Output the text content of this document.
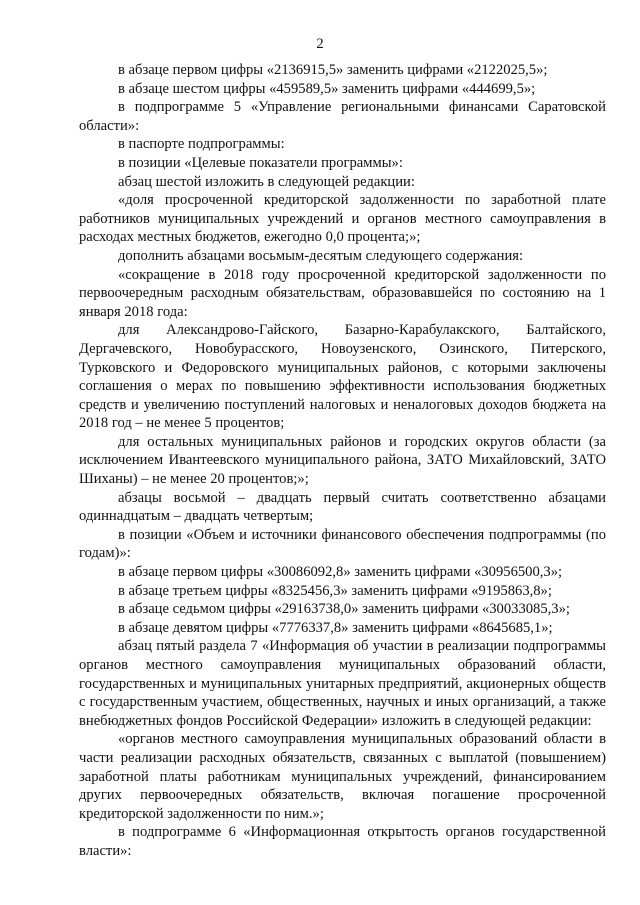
2

в абзаце первом цифры «2136915,5» заменить цифрами «2122025,5»;

в абзаце шестом цифры «459589,5» заменить цифрами «444699,5»;

в подпрограмме 5 «Управление региональными финансами Саратовской области»:

в паспорте подпрограммы:

в позиции «Целевые показатели программы»:

абзац шестой изложить в следующей редакции:

«доля просроченной кредиторской задолженности по заработной плате работников муниципальных учреждений и органов местного самоуправления в расходах местных бюджетов, ежегодно 0,0 процента;»;

дополнить абзацами восьмым-десятым следующего содержания:

«сокращение в 2018 году просроченной кредиторской задолженности по первоочередным расходным обязательствам, образовавшейся по состоянию на 1 января 2018 года:

для Александрово-Гайского, Базарно-Карабулакского, Балтайского, Дергачевского, Новобурасского, Новоузенского, Озинского, Питерского, Турковского и Федоровского муниципальных районов, с которыми заключены соглашения о мерах по повышению эффективности использования бюджетных средств и увеличению поступлений налоговых и неналоговых доходов бюджета на 2018 год – не менее 5 процентов;

для остальных муниципальных районов и городских округов области (за исключением Ивантеевского муниципального района, ЗАТО Михайловский, ЗАТО Шиханы) – не менее 20 процентов;»;

абзацы восьмой – двадцать первый считать соответственно абзацами одиннадцатым – двадцать четвертым;

в позиции «Объем и источники финансового обеспечения подпрограммы (по годам)»:

в абзаце первом цифры «30086092,8» заменить цифрами «30956500,3»;

в абзаце третьем цифры «8325456,3» заменить цифрами «9195863,8»;

в абзаце седьмом цифры «29163738,0» заменить цифрами «30033085,3»;

в абзаце девятом цифры «7776337,8» заменить цифрами «8645685,1»;

абзац пятый раздела 7 «Информация об участии в реализации подпрограммы органов местного самоуправления муниципальных образований области, государственных и муниципальных унитарных предприятий, акционерных обществ с государственным участием, общественных, научных и иных организаций, а также внебюджетных фондов Российской Федерации» изложить в следующей редакции:

«органов местного самоуправления муниципальных образований области в части реализации расходных обязательств, связанных с выплатой (повышением) заработной платы работникам муниципальных учреждений, финансированием других первоочередных обязательств, включая погашение просроченной кредиторской задолженности по ним.»;

в подпрограмме 6 «Информационная открытость органов государственной власти»:
